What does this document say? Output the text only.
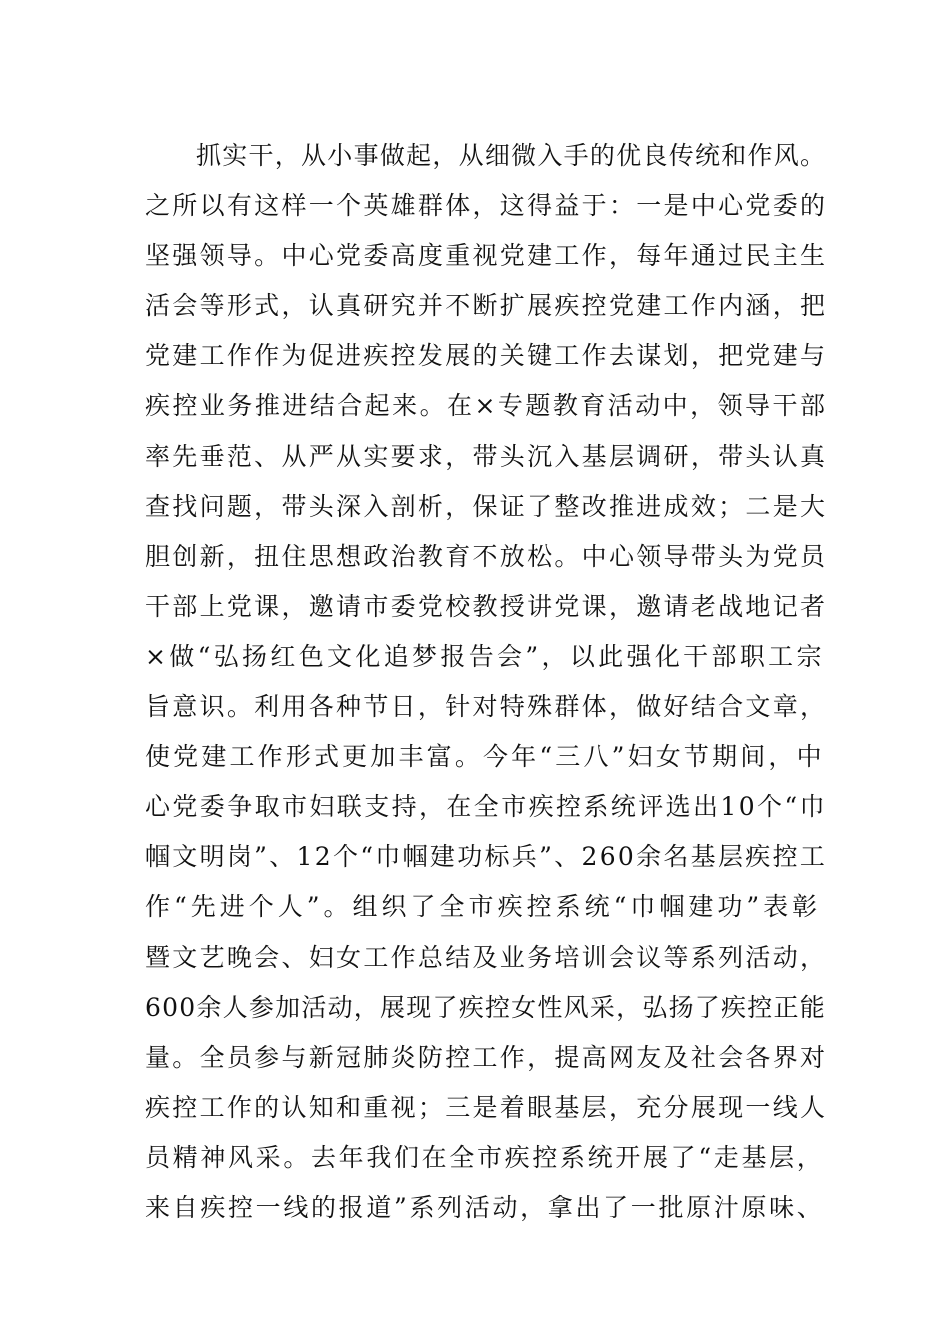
抓实干，从小事做起，从细微入手的优良传统和作风。
之所以有这样一个英雄群体，这得益于：一是中心党委的
坚强领导。中心党委高度重视党建工作，每年通过民主生
活会等形式，认真研究并不断扩展疾控党建工作内涵，把
党建工作作为促进疾控发展的关键工作去谋划，把党建与
疾控业务推进结合起来。在×专题教育活动中，领导干部
率先垂范、从严从实要求，带头沉入基层调研，带头认真
查找问题，带头深入剖析，保证了整改推进成效；二是大
胆创新，扭住思想政治教育不放松。中心领导带头为党员
干部上党课，邀请市委党校教授讲党课，邀请老战地记者
×做“弘扬红色文化追梦报告会”，以此强化干部职工宗
旨意识。利用各种节日，针对特殊群体，做好结合文章，
使党建工作形式更加丰富。今年“三八”妇女节期间，中
心党委争取市妇联支持，在全市疾控系统评选出10个“巾
帼文明岗”、12个“巾帼建功标兵”、260余名基层疾控工
作“先进个人”。组织了全市疾控系统“巾帼建功”表彰
暨文艺晚会、妇女工作总结及业务培训会议等系列活动，
600余人参加活动，展现了疾控女性风采，弘扬了疾控正能
量。全员参与新冠肺炎防控工作，提高网友及社会各界对
疾控工作的认知和重视；三是着眼基层，充分展现一线人
员精神风采。去年我们在全市疾控系统开展了“走基层，
来自疾控一线的报道”系列活动，拿出了一批原汁原味、
